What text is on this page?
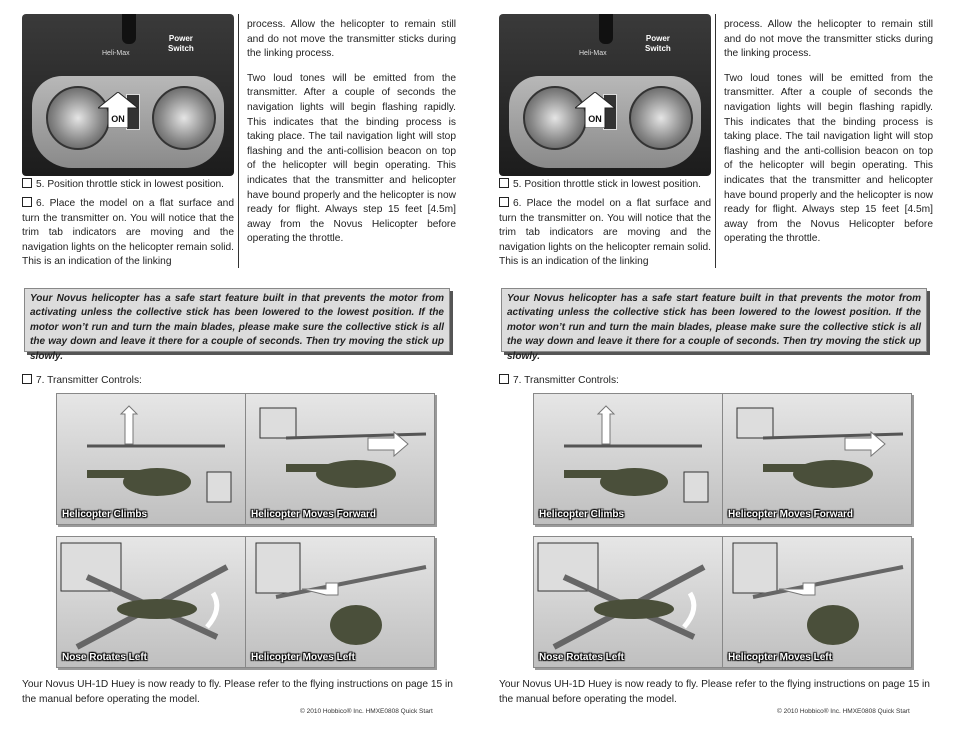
Heli-Max
Power
Switch
ON
5. Position throttle stick in lowest position.
6. Place the model on a flat surface and turn the transmitter on. You will notice that the trim tab indicators are moving and the navigation lights on the helicopter remain solid. This is an indication of the linking

process. Allow the helicopter to remain still and do not move the transmitter sticks during the linking process.

Two loud tones will be emitted from the transmitter. After a couple of seconds the navigation lights will begin flashing rapidly. This indicates that the binding process is taking place. The tail navigation light will stop flashing and the anti-collision beacon on top of the helicopter will begin operating. This indicates that the transmitter and helicopter have bound properly and the helicopter is now ready for flight. Always step 15 feet [4.5m] away from the Novus Helicopter before operating the throttle.

Your Novus helicopter has a safe start feature built in that prevents the motor from activating unless the collective stick has been lowered to the lowest position. If the motor won’t run and turn the main blades, please make sure the collective stick is all the way down and leave it there for a couple of seconds. Then try moving the stick up slowly.
7. Transmitter Controls:
Helicopter Climbs	Helicopter Moves Forward
Nose Rotates Left	Helicopter Moves Left
Your Novus UH-1D Huey is now ready to fly. Please refer to the flying instructions on page 15 in the manual before operating the model.
© 2010 Hobbico® Inc. HMXE0808 Quick Start
Heli-Max
Power
Switch
ON
5. Position throttle stick in lowest position.
6. Place the model on a flat surface and turn the transmitter on. You will notice that the trim tab indicators are moving and the navigation lights on the helicopter remain solid. This is an indication of the linking

process. Allow the helicopter to remain still and do not move the transmitter sticks during the linking process.

Two loud tones will be emitted from the transmitter. After a couple of seconds the navigation lights will begin flashing rapidly. This indicates that the binding process is taking place. The tail navigation light will stop flashing and the anti-collision beacon on top of the helicopter will begin operating. This indicates that the transmitter and helicopter have bound properly and the helicopter is now ready for flight. Always step 15 feet [4.5m] away from the Novus Helicopter before operating the throttle.

Your Novus helicopter has a safe start feature built in that prevents the motor from activating unless the collective stick has been lowered to the lowest position. If the motor won’t run and turn the main blades, please make sure the collective stick is all the way down and leave it there for a couple of seconds. Then try moving the stick up slowly.
7. Transmitter Controls:
Helicopter Climbs	Helicopter Moves Forward
Nose Rotates Left	Helicopter Moves Left
Your Novus UH-1D Huey is now ready to fly. Please refer to the flying instructions on page 15 in the manual before operating the model.
© 2010 Hobbico® Inc. HMXE0808 Quick Start
